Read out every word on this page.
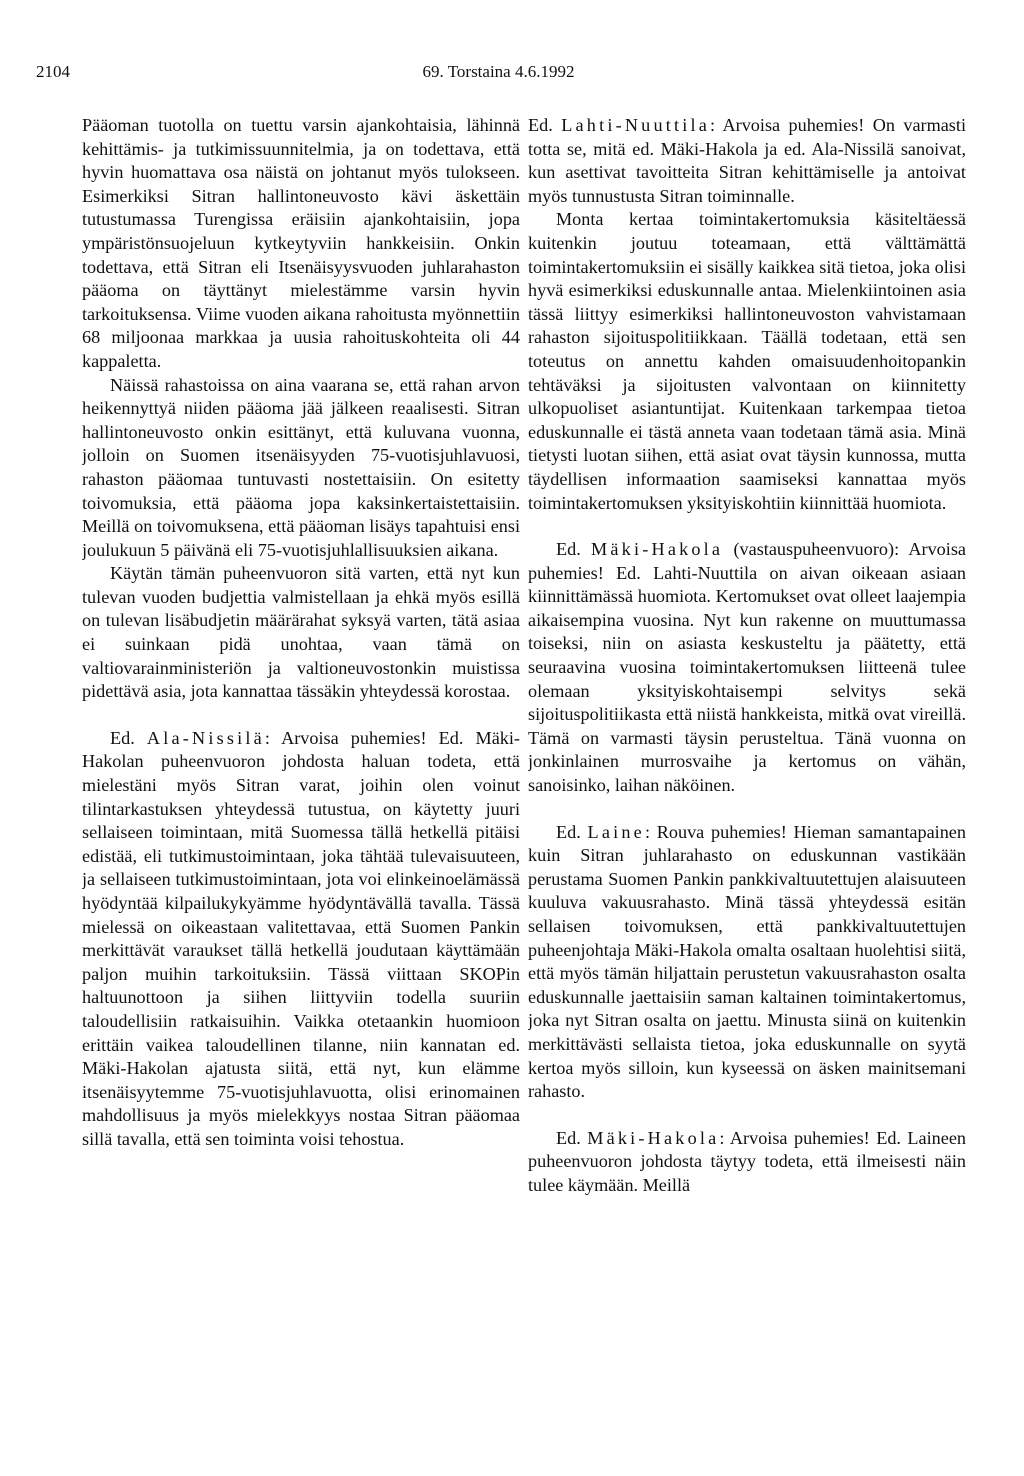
2104	69. Torstaina 4.6.1992

Pääoman tuotolla on tuettu varsin ajankohtaisia, lähinnä kehittämis- ja tutkimissuunnitelmia, ja on todettava, että hyvin huomattava osa näistä on johtanut myös tulokseen. Esimerkiksi Sitran hallintoneuvosto kävi äskettäin tutustumassa Turengissa eräisiin ajankohtaisiin, jopa ympäristönsuojeluun kytkeytyviin hankkeisiin. Onkin todettava, että Sitran eli Itsenäisyysvuoden juhlarahaston pääoma on täyttänyt mielestämme varsin hyvin tarkoituksensa. Viime vuoden aikana rahoitusta myönnettiin 68 miljoonaa markkaa ja uusia rahoituskohteita oli 44 kappaletta.

Näissä rahastoissa on aina vaarana se, että rahan arvon heikennyttyä niiden pääoma jää jälkeen reaalisesti. Sitran hallintoneuvosto onkin esittänyt, että kuluvana vuonna, jolloin on Suomen itsenäisyyden 75-vuotisjuhlavuosi, rahaston pääomaa tuntuvasti nostettaisiin. On esitetty toivomuksia, että pääoma jopa kaksinkertaistettaisiin. Meillä on toivomuksena, että pääoman lisäys tapahtuisi ensi joulukuun 5 päivänä eli 75-vuotisjuhlallisuuksien aikana.

Käytän tämän puheenvuoron sitä varten, että nyt kun tulevan vuoden budjettia valmistellaan ja ehkä myös esillä on tulevan lisäbudjetin määrärahat syksyä varten, tätä asiaa ei suinkaan pidä unohtaa, vaan tämä on valtiovarainministeriön ja valtioneuvostonkin muistissa pidettävä asia, jota kannattaa tässäkin yhteydessä korostaa.

Ed. Ala-Nissilä: Arvoisa puhemies! Ed. Mäki-Hakolan puheenvuoron johdosta haluan todeta, että mielestäni myös Sitran varat, joihin olen voinut tilintarkastuksen yhteydessä tutustua, on käytetty juuri sellaiseen toimintaan, mitä Suomessa tällä hetkellä pitäisi edistää, eli tutkimustoimintaan, joka tähtää tulevaisuuteen, ja sellaiseen tutkimustoimintaan, jota voi elinkeinoelämässä hyödyntää kilpailukykyämme hyödyntävällä tavalla. Tässä mielessä on oikeastaan valitettavaa, että Suomen Pankin merkittävät varaukset tällä hetkellä joudutaan käyttämään paljon muihin tarkoituksiin. Tässä viittaan SKOPin haltuunottoon ja siihen liittyviin todella suuriin taloudellisiin ratkaisuihin. Vaikka otetaankin huomioon erittäin vaikea taloudellinen tilanne, niin kannatan ed. Mäki-Hakolan ajatusta siitä, että nyt, kun elämme itsenäisyytemme 75-vuotisjuhlavuotta, olisi erinomainen mahdollisuus ja myös mielekkyys nostaa Sitran pääomaa sillä tavalla, että sen toiminta voisi tehostua.

Ed. Lahti-Nuuttila: Arvoisa puhemies! On varmasti totta se, mitä ed. Mäki-Hakola ja ed. Ala-Nissilä sanoivat, kun asettivat tavoitteita Sitran kehittämiselle ja antoivat myös tunnustusta Sitran toiminnalle.

Monta kertaa toimintakertomuksia käsiteltäessä kuitenkin joutuu toteamaan, että välttämättä toimintakertomuksiin ei sisälly kaikkea sitä tietoa, joka olisi hyvä esimerkiksi eduskunnalle antaa. Mielenkiintoinen asia tässä liittyy esimerkiksi hallintoneuvoston vahvistamaan rahaston sijoituspolitiikkaan. Täällä todetaan, että sen toteutus on annettu kahden omaisuudenhoitopankin tehtäväksi ja sijoitusten valvontaan on kiinnitetty ulkopuoliset asiantuntijat. Kuitenkaan tarkempaa tietoa eduskunnalle ei tästä anneta vaan todetaan tämä asia. Minä tietysti luotan siihen, että asiat ovat täysin kunnossa, mutta täydellisen informaation saamiseksi kannattaa myös toimintakertomuksen yksityiskohtiin kiinnittää huomiota.

Ed. Mäki-Hakola (vastauspuheenvuoro): Arvoisa puhemies! Ed. Lahti-Nuuttila on aivan oikeaan asiaan kiinnittämässä huomiota. Kertomukset ovat olleet laajempia aikaisempina vuosina. Nyt kun rakenne on muuttumassa toiseksi, niin on asiasta keskusteltu ja päätetty, että seuraavina vuosina toimintakertomuksen liitteenä tulee olemaan yksityiskohtaisempi selvitys sekä sijoituspolitiikasta että niistä hankkeista, mitkä ovat vireillä. Tämä on varmasti täysin perusteltua. Tänä vuonna on jonkinlainen murrosvaihe ja kertomus on vähän, sanoisinko, laihan näköinen.

Ed. Laine: Rouva puhemies! Hieman samantapainen kuin Sitran juhlarahasto on eduskunnan vastikään perustama Suomen Pankin pankkivaltuutettujen alaisuuteen kuuluva vakuusrahasto. Minä tässä yhteydessä esitän sellaisen toivomuksen, että pankkivaltuutettujen puheenjohtaja Mäki-Hakola omalta osaltaan huolehtisi siitä, että myös tämän hiljattain perustetun vakuusrahaston osalta eduskunnalle jaettaisiin saman kaltainen toimintakertomus, joka nyt Sitran osalta on jaettu. Minusta siinä on kuitenkin merkittävästi sellaista tietoa, joka eduskunnalle on syytä kertoa myös silloin, kun kyseessä on äsken mainitsemani rahasto.

Ed. Mäki-Hakola: Arvoisa puhemies! Ed. Laineen puheenvuoron johdosta täytyy todeta, että ilmeisesti näin tulee käymään. Meillä
